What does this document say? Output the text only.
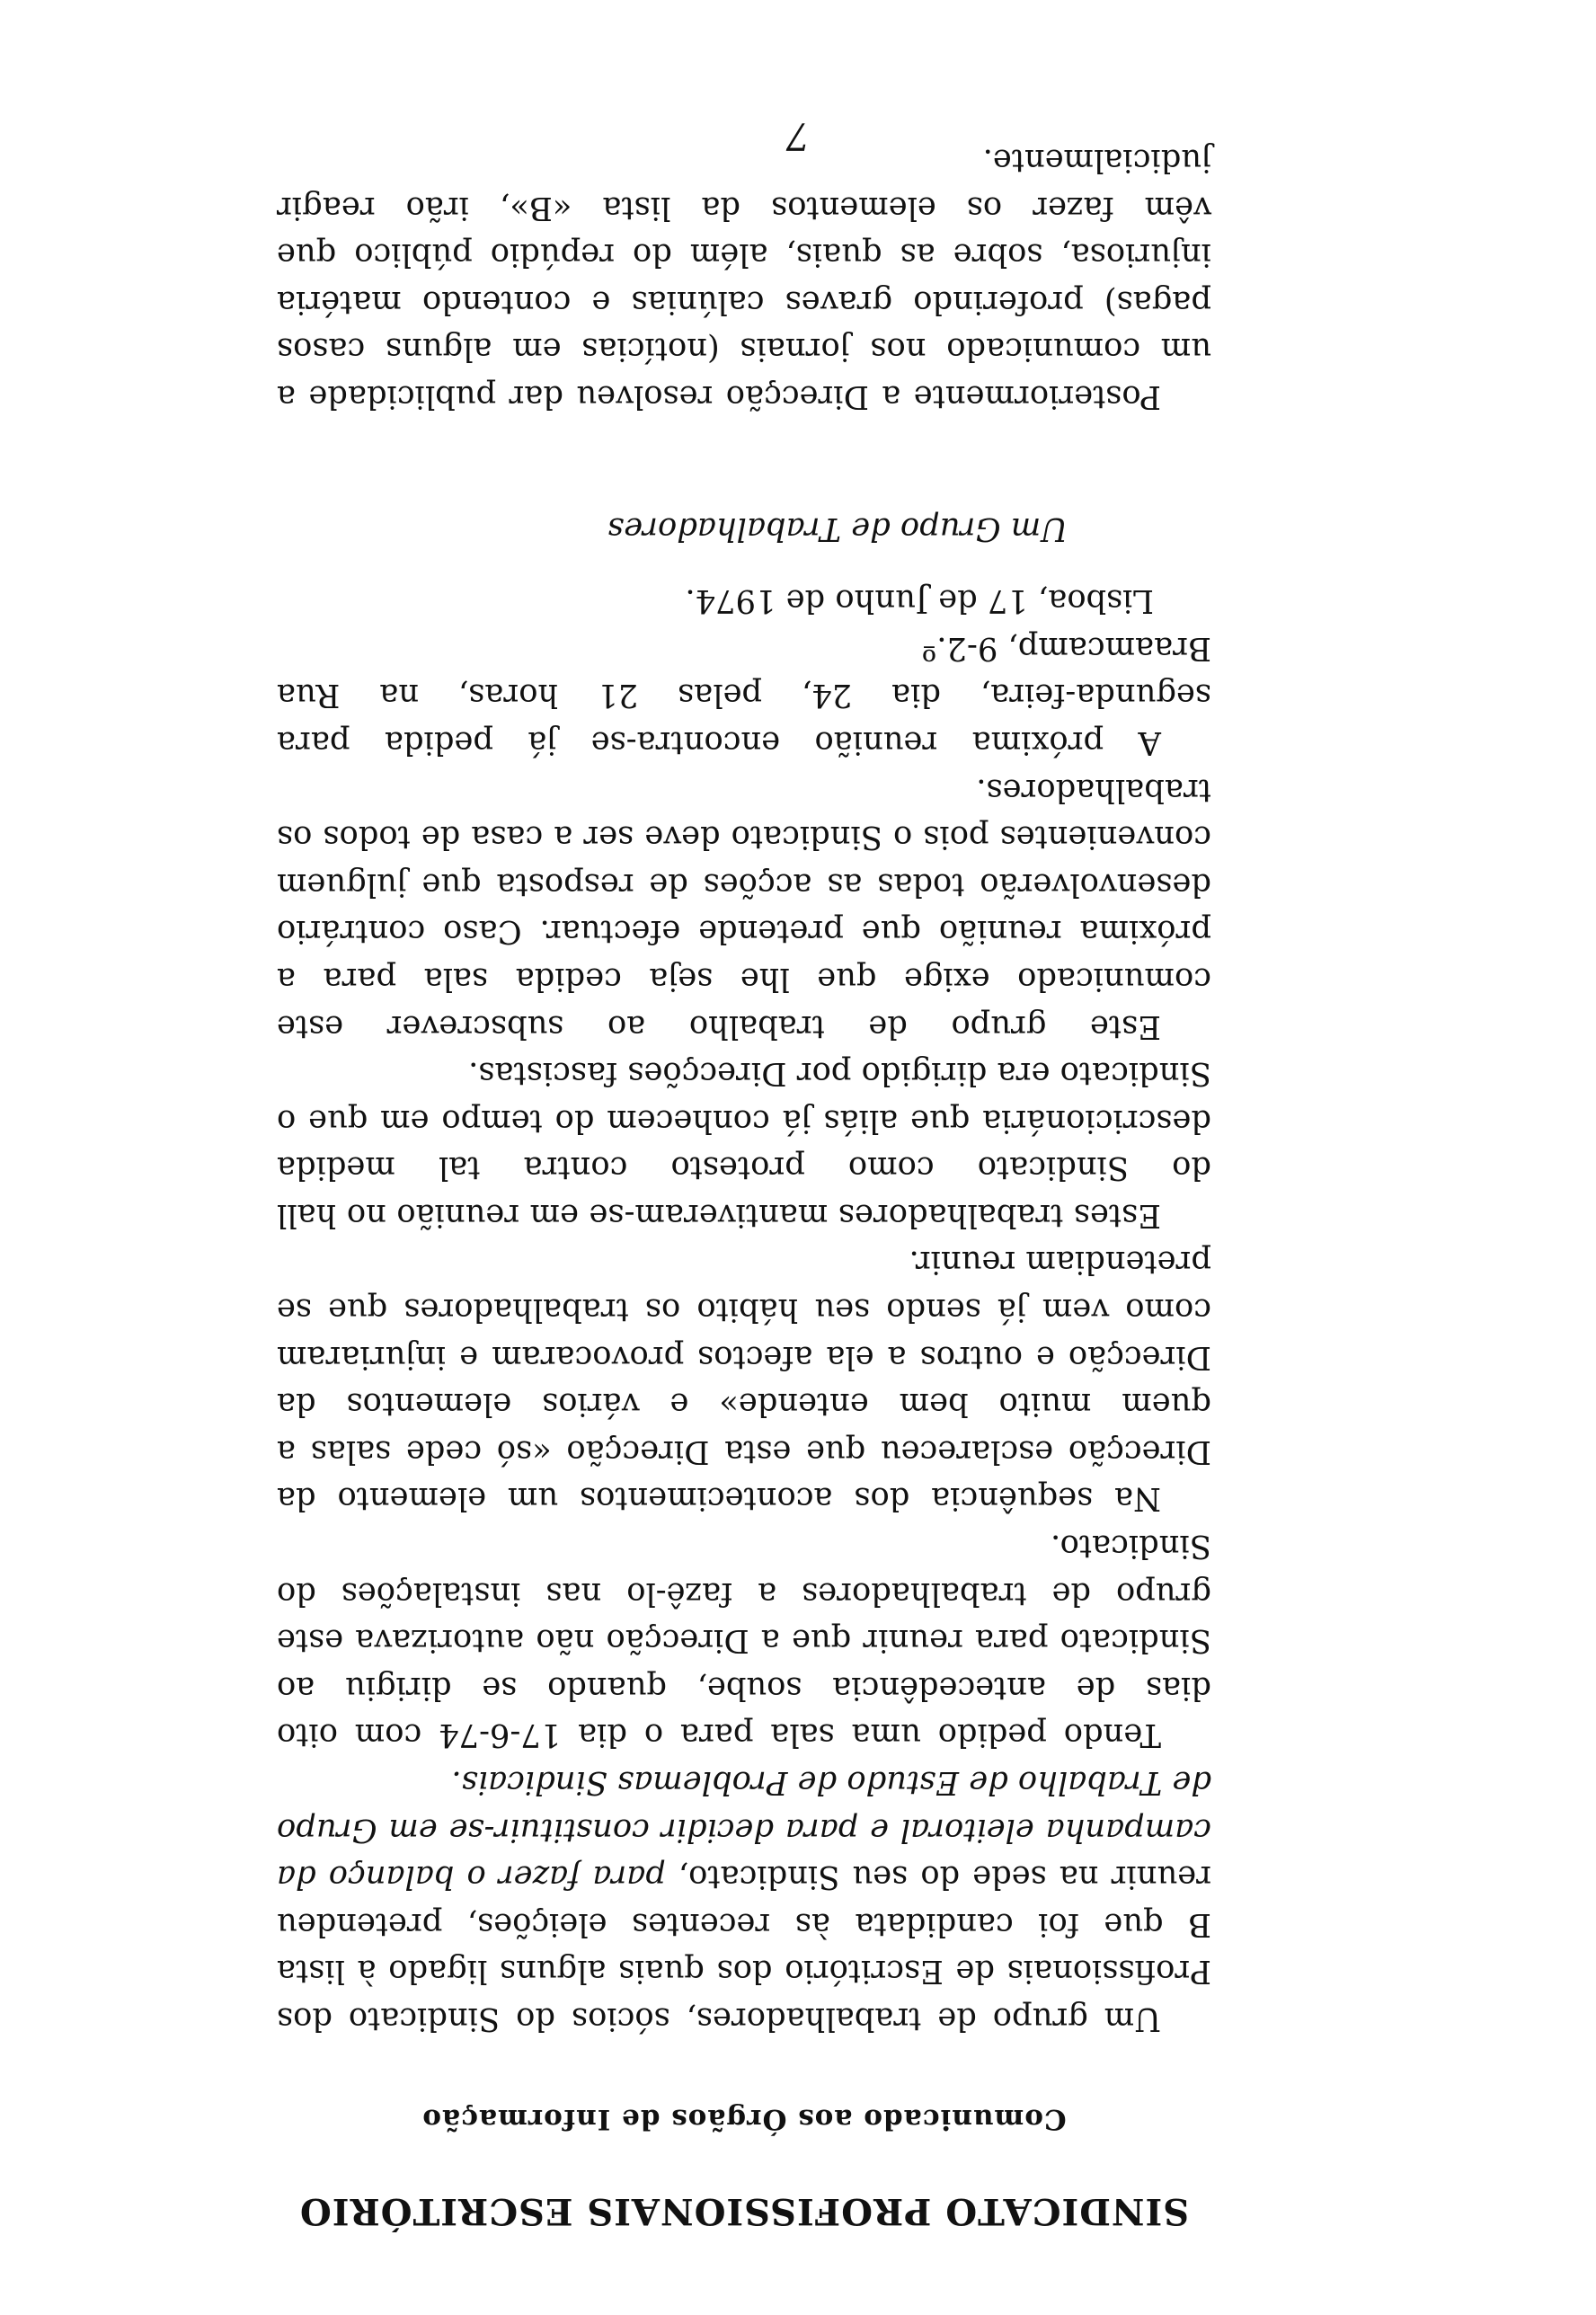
SINDICATO PROFISSIONAIS ESCRITÓRIO
Comunicado aos Órgãos de Informação

Um grupo de trabalhadores, sócios do Sindicato dos Profissionais de Escritório dos quais alguns ligado à lista B que foi candidata às recentes eleições, pretendeu reunir na sede do seu Sindicato, para fazer o balanço da campanha eleitoral e para decidir constituir-se em Grupo de Trabalho de Estudo de Problemas Sindicais.

Tendo pedido uma sala para o dia 17-6-74 com oito dias de antecedência soube, quando se dirigiu ao Sindicato para reunir que a Direcção não autorizava este grupo de trabalhadores a fazê-lo nas instalações do Sindicato.

Na sequência dos acontecimentos um elemento da Direcção esclareceu que esta Direcção «só cede salas a quem muito bem entende» e vários elementos da Direcção e outros a ela afectos provocaram e injuriaram como vem já sendo seu hábito os trabalhadores que se pretendiam reunir.

Estes trabalhadores mantiveram-se em reunião no hall do Sindicato como protesto contra tal medida descricionária que aliás já conhecem do tempo em que o Sindicato era dirigido por Direcções fascistas.

Este grupo de trabalho ao subscrever este comunicado exige que lhe seja cedida sala para a próxima reunião que pretende efectuar. Caso contrário desenvolverão todas as acções de resposta que julguem convenientes pois o Sindicato deve ser a casa de todos os trabalhadores.

A próxima reunião encontra-se já pedida para segunda-feira, dia 24, pelas 21 horas, na Rua Braamcamp, 9-2.º

Lisboa, 17 de Junho de 1974.

Um Grupo de Trabalhadores

Posteriormente a Direcção resolveu dar publicidade a um comunicado nos jornais (notícias em alguns casos pagas) proferindo graves calúnias e contendo matéria injuriosa, sobre as quais, além do repúdio público que vêm fazer os elementos da lista «B», irão reagir judicialmente.

7
